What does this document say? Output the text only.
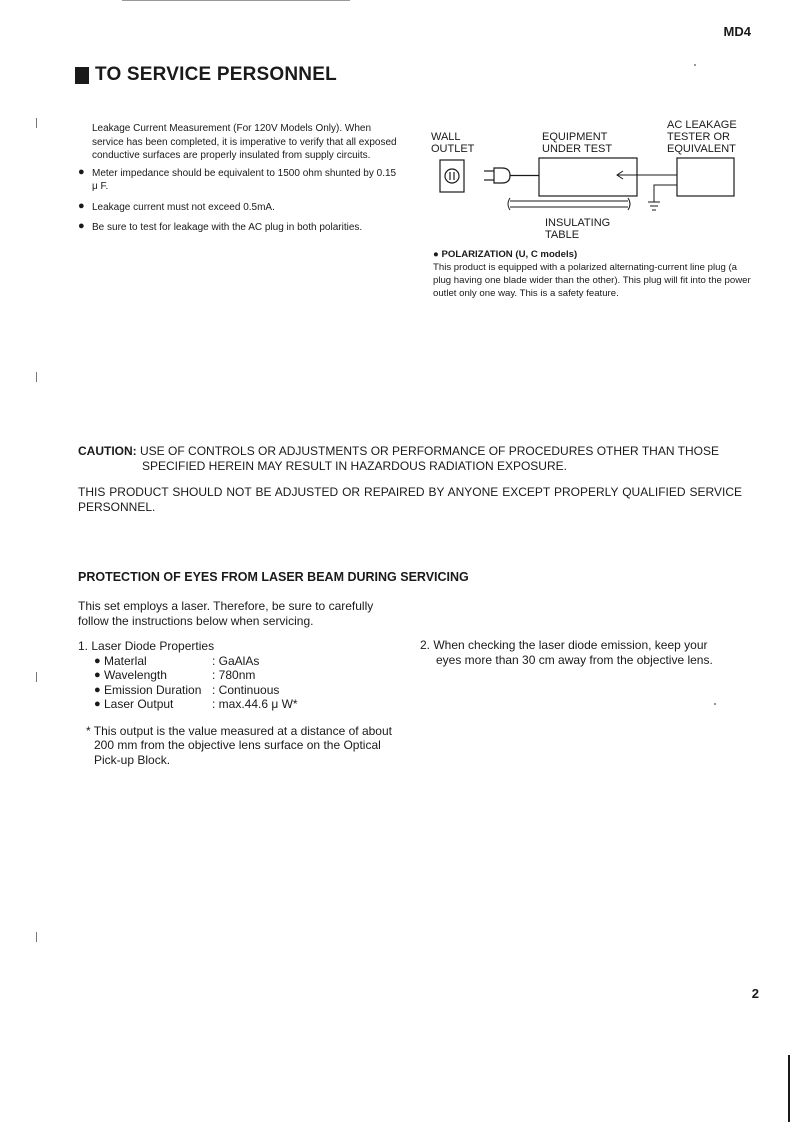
MD4
TO SERVICE PERSONNEL
Leakage Current Measurement (For 120V Models Only). When service has been completed, it is imperative to verify that all exposed conductive surfaces are properly insulated from supply circuits.
● Meter impedance should be equivalent to 1500 ohm shunted by 0.15 μ F.
● Leakage current must not exceed 0.5mA.
● Be sure to test for leakage with the AC plug in both polarities.
WALL
OUTLET
EQUIPMENT
UNDER TEST
AC LEAKAGE
TESTER OR
EQUIVALENT
INSULATING
TABLE
● POLARIZATION (U, C models)
This product is equipped with a polarized alternating-current line plug (a plug having one blade wider than the other). This plug will fit into the power outlet only one way. This is a safety feature.
CAUTION: USE OF CONTROLS OR ADJUSTMENTS OR PERFORMANCE OF PROCEDURES OTHER THAN THOSE
SPECIFIED HEREIN MAY RESULT IN HAZARDOUS RADIATION EXPOSURE.
THIS PRODUCT SHOULD NOT BE ADJUSTED OR REPAIRED BY ANYONE EXCEPT PROPERLY QUALIFIED SERVICE PERSONNEL.
PROTECTION OF EYES FROM LASER BEAM DURING SERVICING
This set employs a laser. Therefore, be sure to carefully follow the instructions below when servicing.
1. Laser Diode Properties
● Materlal	: GaAlAs
● Wavelength	: 780nm
● Emission Duration : Continuous
● Laser Output	: max.44.6 μ W*
* This output is the value measured at a distance of about 200 mm from the objective lens surface on the Optical Pick-up Block.
2. When checking the laser diode emission, keep your
eyes more than 30 cm away from the objective lens.
2
